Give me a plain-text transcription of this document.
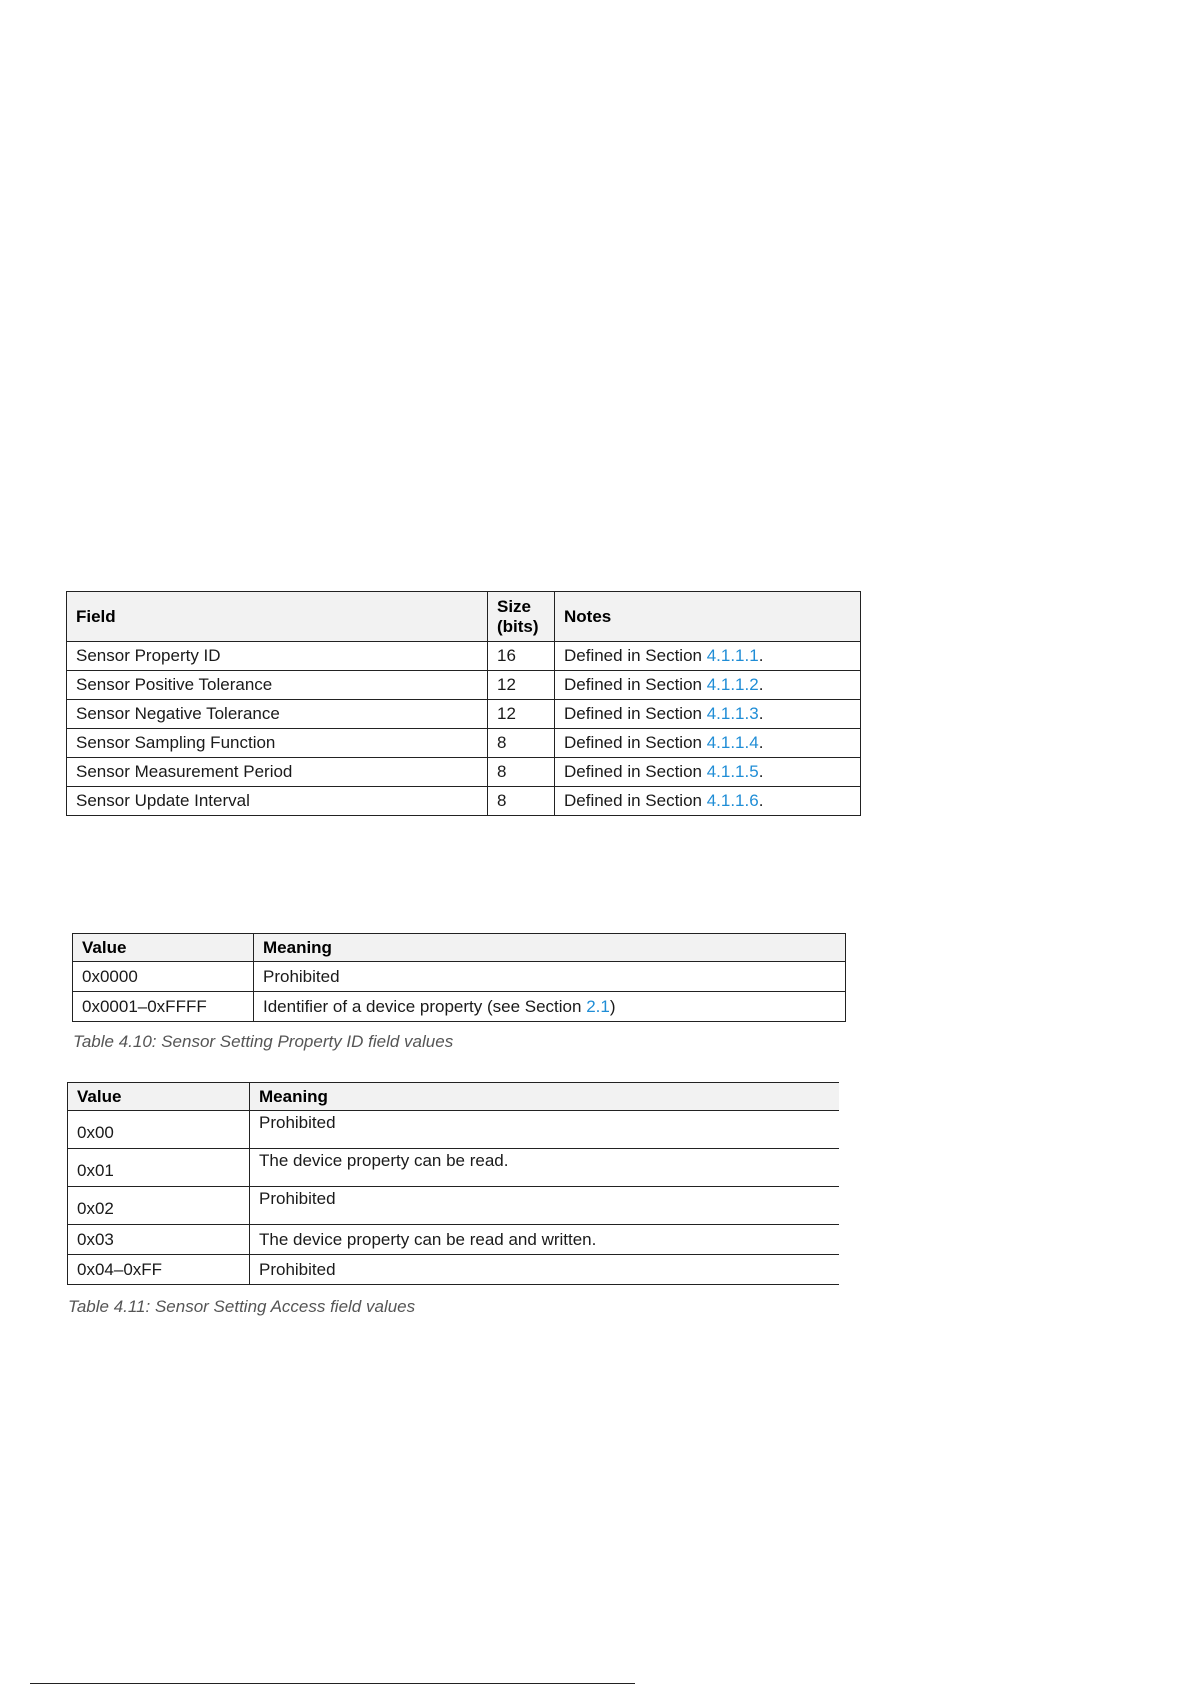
Field	Size (bits)	Notes
Sensor Property ID	16	Defined in Section 4.1.1.1.
Sensor Positive Tolerance	12	Defined in Section 4.1.1.2.
Sensor Negative Tolerance	12	Defined in Section 4.1.1.3.
Sensor Sampling Function	8	Defined in Section 4.1.1.4.
Sensor Measurement Period	8	Defined in Section 4.1.1.5.
Sensor Update Interval	8	Defined in Section 4.1.1.6.
Value	Meaning
0x0000	Prohibited
0x0001–0xFFFF	Identifier of a device property (see Section 2.1)

Table 4.10: Sensor Setting Property ID field values

Value	Meaning
0x00	Prohibited
0x01	The device property can be read.
0x02	Prohibited
0x03	The device property can be read and written.
0x04–0xFF	Prohibited

Table 4.11: Sensor Setting Access field values
